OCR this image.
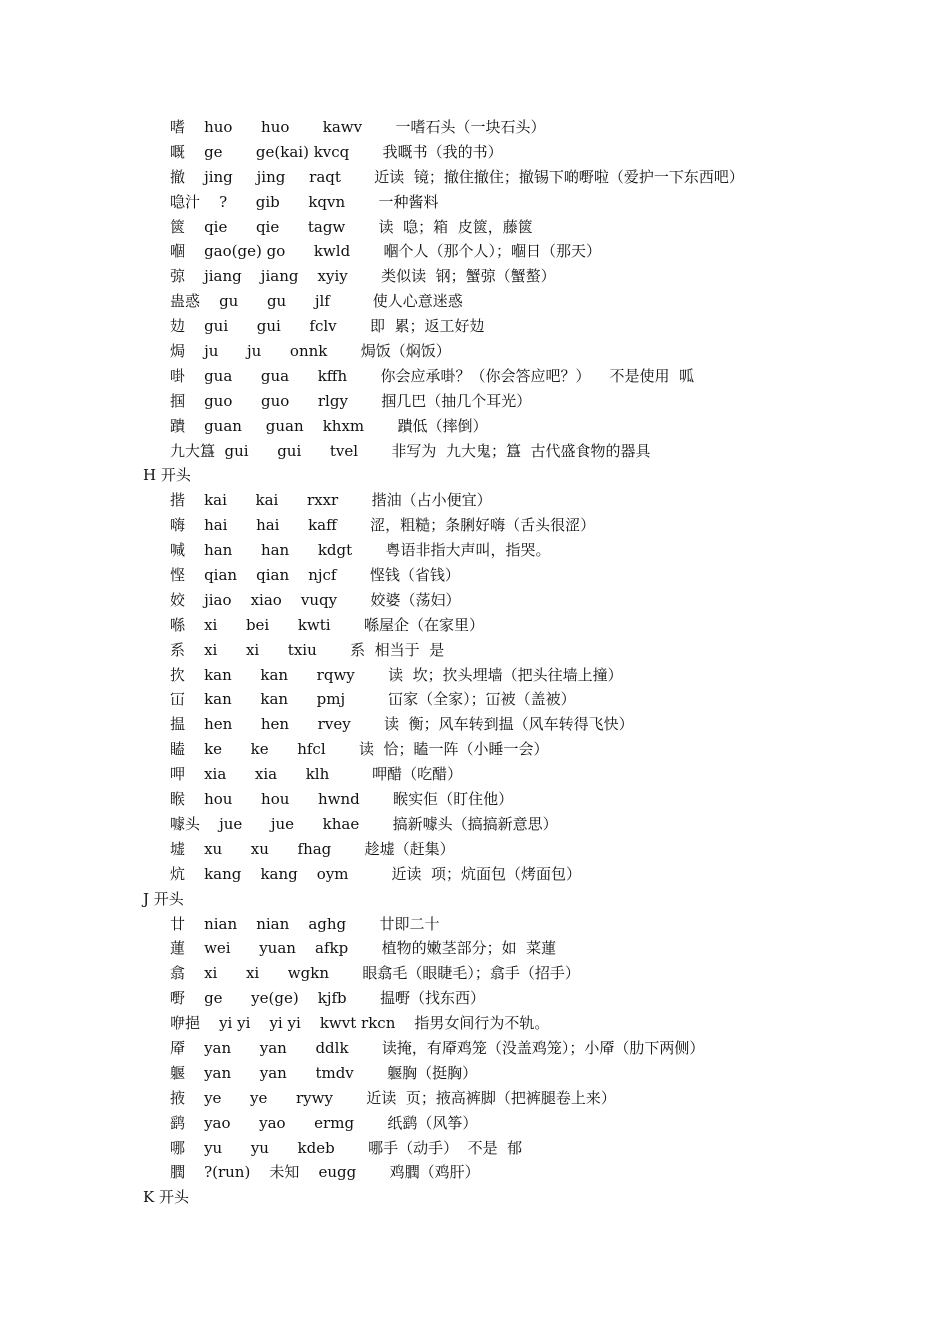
嗜    huo      huo       kawv       一嗜石头（一块石头）
嘅    ge       ge(kai) kvcq       我嘅书（我的书）
撤    jing     jing     raqt       近读  镜；撤住撤住；撤锡下啲嘢啦（爱护一下东西吧）
喼汁    ?      gib      kqvn       一种酱料
篋    qie      qie      tagw       读  喼；箱  皮篋，藤篋
嗰    gao(ge) go      kwld       嗰个人（那个人）；嗰日（那天）
弶    jiang    jiang    xyiy       类似读  钢；蟹弶（蟹螯）
蛊惑    gu      gu      jlf         使人心意迷惑
攰    gui      gui      fclv       即  累；返工好攰
焗    ju      ju      onnk       焗饭（焖饭）
啩    gua      gua      kffh       你会应承啩？（你会答应吧？）    不是使用  呱
掴    guo      guo      rlgy       掴几巴（抽几个耳光）
蹪    guan     guan    khxm       蹪低（摔倒）
九大簋  gui      gui      tvel       非写为  九大鬼；簋  古代盛食物的器具
H 开头
揩    kai      kai      rxxr       揩油（占小便宜）
嗨    hai      hai      kaff       涩，粗糙；条脷好嗨（舌头很涩）
喊    han      han      kdgt       粤语非指大声叫，指哭。
悭    qian    qian    njcf       悭钱（省钱）
姣    jiao    xiao    vuqy       姣婆（荡妇）
喺    xi      bei      kwti       喺屋企（在家里）
系    xi      xi      txiu       系  相当于  是
扻    kan      kan      rqwy       读  坎；扻头埋墙（把头往墙上撞）
冚    kan      kan      pmj         冚家（全家）；冚被（盖被）
揾    hen      hen      rvey       读  衡；风车转到揾（风车转得飞快）
瞌    ke      ke      hfcl       读  恰；瞌一阵（小睡一会）
呷    xia      xia      klh         呷醋（吃醋）
睺    hou      hou      hwnd       睺实佢（盯住他）
噱头    jue      jue      khae       搞新噱头（搞搞新意思）
墟    xu      xu      fhag       趁墟（赶集）
炕    kang    kang    oym         近读  项；炕面包（烤面包）
J 开头
廿    nian    nian    aghg       廿即二十
蓮    wei      yuan    afkp       植物的嫩茎部分；如  菜蓮
翕    xi      xi      wgkn       眼翕毛（眼睫毛）；翕手（招手）
嘢    ge      ye(ge)    kjfb       揾嘢（找东西）
咿挹    yi yi    yi yi    kwvt rkcn    指男女间行为不轨。
厣    yan      yan      ddlk       读掩，有厣鸡笼（没盖鸡笼）；小厣（肋下两侧）
躽    yan      yan      tmdv       躽胸（挺胸）
掖    ye      ye      rywy       近读  页；掖高裤脚（把裤腿卷上来）
鹞    yao      yao      ermg       纸鹞（风筝）
哪    yu      yu      kdeb       哪手（动手）  不是  郁
膶    ?(run)    未知    eugg       鸡膶（鸡肝）
K 开头
